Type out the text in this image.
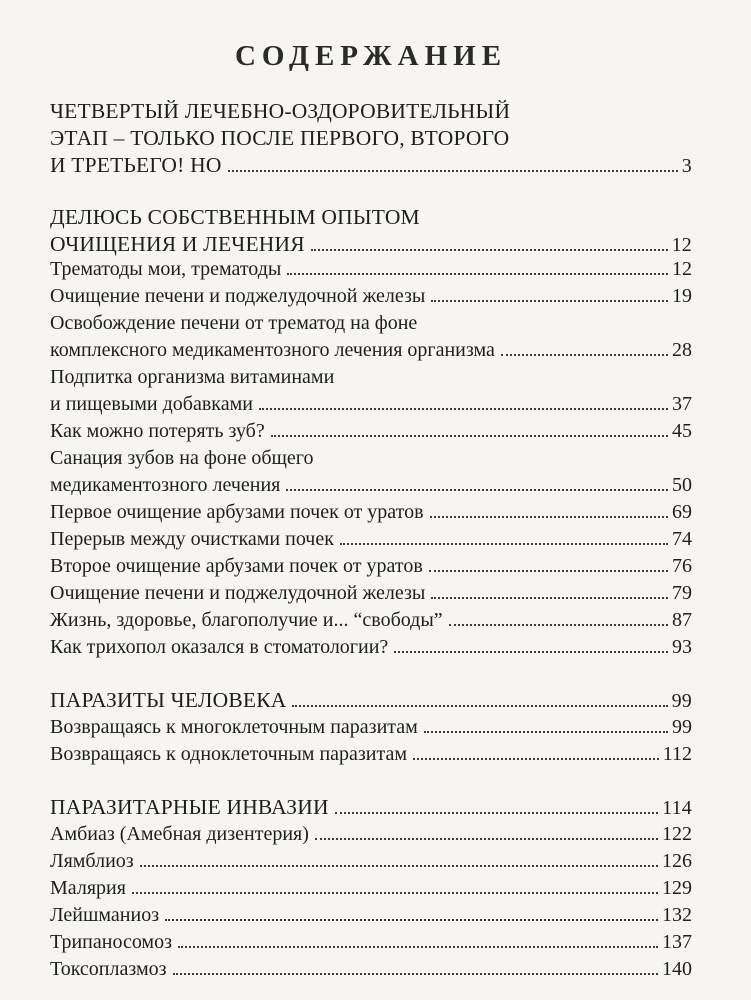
СОДЕРЖАНИЕ
ЧЕТВЕРТЫЙ ЛЕЧЕБНО-ОЗДОРОВИТЕЛЬНЫЙ
ЭТАП – ТОЛЬКО ПОСЛЕ ПЕРВОГО, ВТОРОГО
И ТРЕТЬЕГО! НО	3
ДЕЛЮСЬ СОБСТВЕННЫМ ОПЫТОМ
ОЧИЩЕНИЯ И ЛЕЧЕНИЯ	12
Трематоды мои, трематоды	12
Очищение печени и поджелудочной железы	19
Освобождение печени от трематод на фоне
комплексного медикаментозного лечения организма	28
Подпитка организма витаминами
и пищевыми добавками	37
Как можно потерять зуб?	45
Санация зубов на фоне общего
медикаментозного лечения	50
Первое очищение арбузами почек от уратов	69
Перерыв между очистками почек	74
Второе очищение арбузами почек от уратов	76
Очищение печени и поджелудочной железы	79
Жизнь, здоровье, благополучие и... “свободы”	87
Как трихопол оказался в стоматологии?	93
ПАРАЗИТЫ ЧЕЛОВЕКА	99
Возвращаясь к многоклеточным паразитам	99
Возвращаясь к одноклеточным паразитам	112
ПАРАЗИТАРНЫЕ ИНВАЗИИ	114
Амбиаз (Амебная дизентерия)	122
Лямблиоз	126
Малярия	129
Лейшманиоз	132
Трипаносомоз	137
Токсоплазмоз	140
